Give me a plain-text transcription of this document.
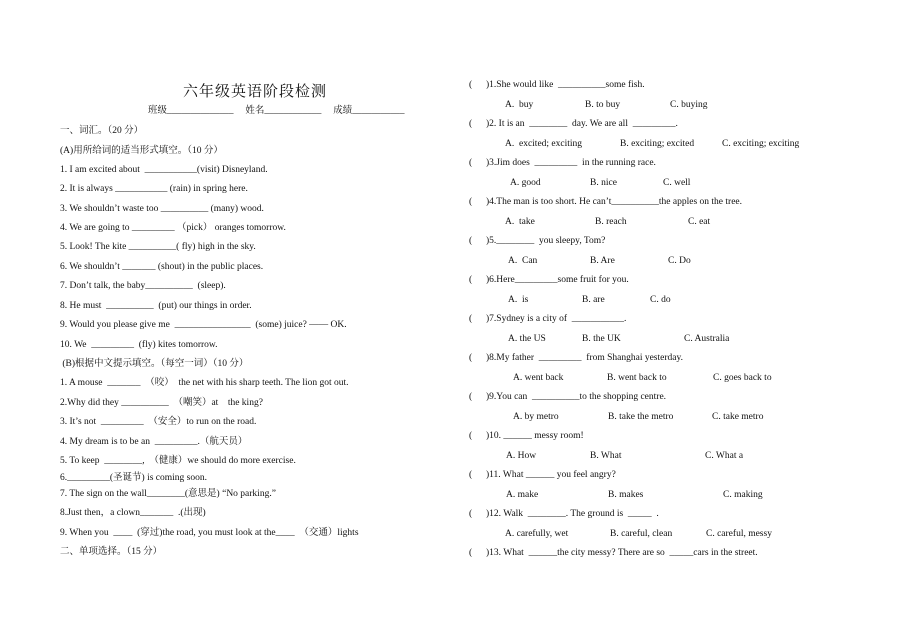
六年级英语阶段检测
班级______________     姓名____________     成绩___________
一、词汇。（20 分）
(A)用所给词的适当形式填空。（10 分）
1. I am excited about  ___________(visit) Disneyland.
2. It is always ___________ (rain) in spring here.
3. We shouldn’t waste too __________ (many) wood.
4. We are going to _________ （pick） oranges tomorrow.
5. Look! The kite __________( fly) high in the sky.
6. We shouldn’t _______ (shout) in the public places.
7. Don’t talk, the baby__________  (sleep).
8. He must  __________  (put) our things in order.
9. Would you please give me  ________________  (some) juice? —— OK.
10. We  _________  (fly) kites tomorrow.
(B)根据中文提示填空。（每空一词）（10 分）
1. A mouse  _______  （咬）  the net with his sharp teeth. The lion got out.
2.Why did they __________  （嘲笑）at    the king?
3. It’s not  _________  （安全）to run on the road.
4. My dream is to be an  _________.（航天员）
5. To keep  ________,  （健康）we should do more exercise.
6._________(圣诞节) is coming soon.
7. The sign on the wall________(意思是) “No parking.”
8.Just then，a clown_______  .(出现)
9. When you  ____  (穿过)the road, you must look at the____  （交通）lights
二、单项选择。（15 分）
( )1.She would like  __________some fish.
A.  buy	B. to buy	C. buying
( )2. It is an  ________  day. We are all  _________.
A.  excited; exciting	B. exciting; excited	C. exciting; exciting
( )3.Jim does  _________  in the running race.
A. good	B. nice	C. well
( )4.The man is too short. He can’t__________the apples on the tree.
A.  take	B. reach	C. eat
( )5.________  you sleepy, Tom?
A.  Can	B. Are	C. Do
( )6.Here_________some fruit for you.
A.  is	B. are	C. do
( )7.Sydney is a city of  ___________.
A. the US	B. the UK	C. Australia
( )8.My father  _________  from Shanghai yesterday.
A. went back	B. went back to	C. goes back to
( )9.You can  __________to the shopping centre.
A. by metro	B. take the metro	C. take metro
( )10. ______ messy room!
A. How	B. What	C. What a
( )11. What ______ you feel angry?
A. make	B. makes	C. making
( )12. Walk  ________. The ground is  _____  .
A. carefully, wet	B. careful, clean	C. careful, messy
( )13. What  ______the city messy? There are so  _____cars in the street.
